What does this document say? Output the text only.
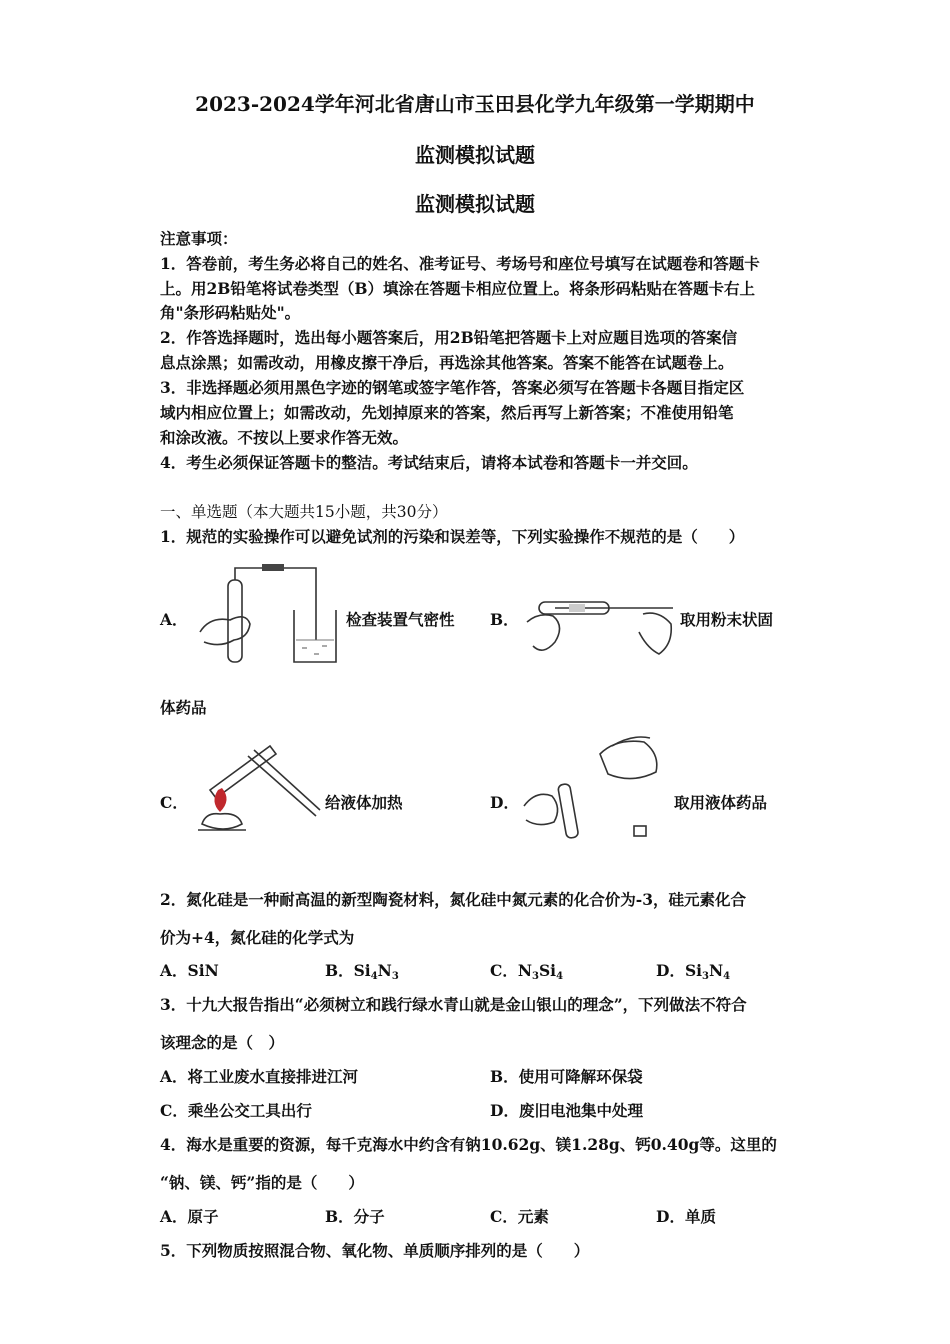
2023-2024学年河北省唐山市玉田县化学九年级第一学期期中
监测模拟试题
监测模拟试题
注意事项：
1．答卷前，考生务必将自己的姓名、准考证号、考场号和座位号填写在试题卷和答题卡
上。用2B铅笔将试卷类型（B）填涂在答题卡相应位置上。将条形码粘贴在答题卡右上
角"条形码粘贴处"。
2．作答选择题时，选出每小题答案后，用2B铅笔把答题卡上对应题目选项的答案信
息点涂黑；如需改动，用橡皮擦干净后，再选涂其他答案。答案不能答在试题卷上。
3．非选择题必须用黑色字迹的钢笔或签字笔作答，答案必须写在答题卡各题目指定区
域内相应位置上；如需改动，先划掉原来的答案，然后再写上新答案；不准使用铅笔
和涂改液。不按以上要求作答无效。
4．考生必须保证答题卡的整洁。考试结束后，请将本试卷和答题卡一并交回。
一、单选题（本大题共15小题，共30分）
1．规范的实验操作可以避免试剂的污染和误差等，下列实验操作不规范的是（　　）
A．	检查装置气密性 B．	取用粉末状固
体药品
C．	给液体加热	D．	取用液体药品
2．氮化硅是一种耐高温的新型陶瓷材料，氮化硅中氮元素的化合价为-3，硅元素化合
价为+4，氮化硅的化学式为
A．SiN	B．$Si_4N_3$	C．$N_3Si_4$	D．$Si_3N_4$
3．十九大报告指出“必须树立和践行绿水青山就是金山银山的理念”，下列做法不符合
该理念的是（　）
A．将工业废水直接排进江河	B．使用可降解环保袋
C．乘坐公交工具出行	D．废旧电池集中处理
4．海水是重要的资源，每千克海水中约含有钠10.62g、镁1.28g、钙0.40g等。这里的
“钠、镁、钙”指的是（　　）
A．原子	B．分子	C．元素	D．单质
5．下列物质按照混合物、氧化物、单质顺序排列的是（　　）
